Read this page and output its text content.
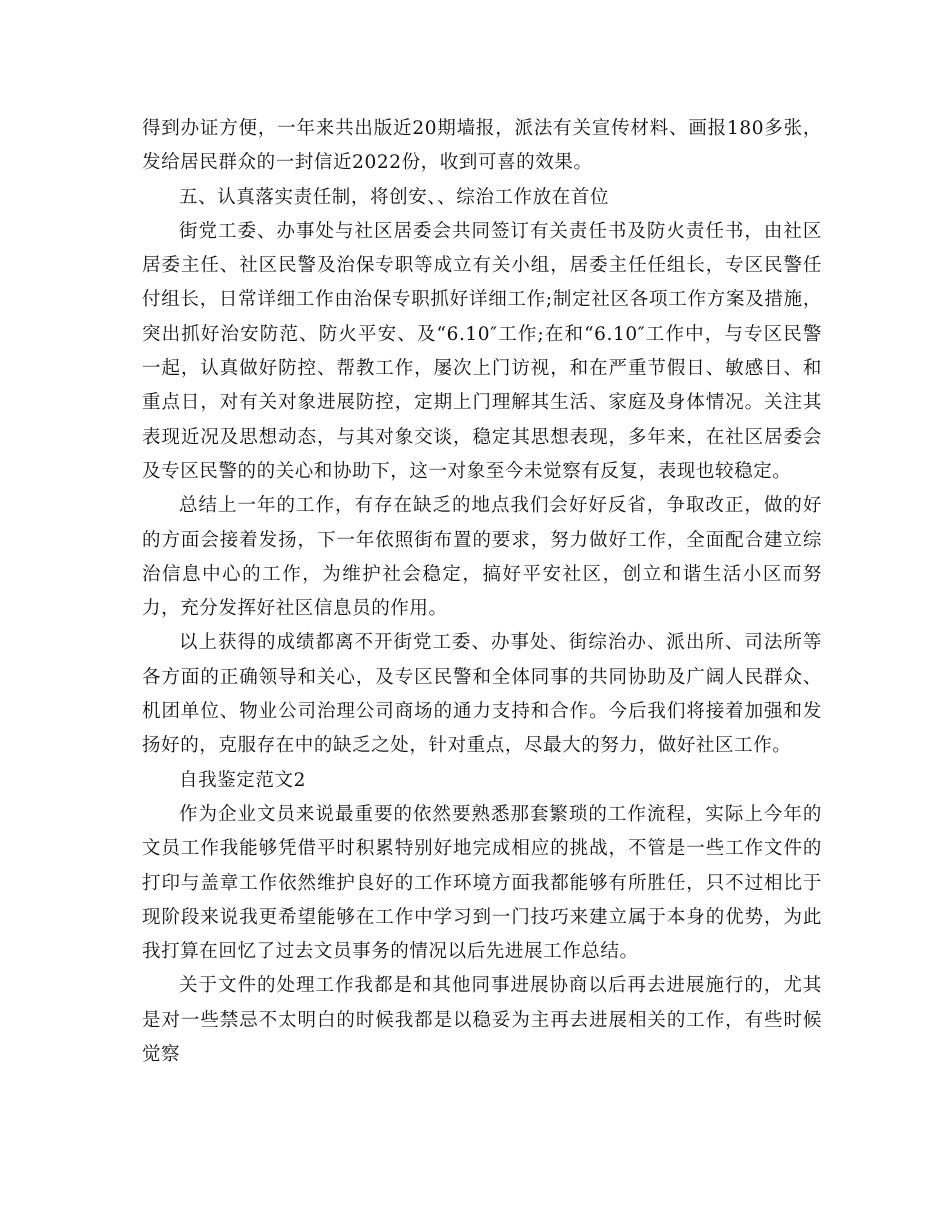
得到办证方便，一年来共出版近20期墙报，派法有关宣传材料、画报180多张，发给居民群众的一封信近2022份，收到可喜的效果。

五、认真落实责任制，将创安、、综治工作放在首位

街党工委、办事处与社区居委会共同签订有关责任书及防火责任书，由社区居委主任、社区民警及治保专职等成立有关小组，居委主任任组长，专区民警任付组长，日常详细工作由治保专职抓好详细工作;制定社区各项工作方案及措施，突出抓好治安防范、防火平安、及“6.10″工作;在和“6.10″工作中，与专区民警一起，认真做好防控、帮教工作，屡次上门访视，和在严重节假日、敏感日、和重点日，对有关对象进展防控，定期上门理解其生活、家庭及身体情况。关注其表现近况及思想动态，与其对象交谈，稳定其思想表现，多年来，在社区居委会及专区民警的的关心和协助下，这一对象至今未觉察有反复，表现也较稳定。

总结上一年的工作，有存在缺乏的地点我们会好好反省，争取改正，做的好的方面会接着发扬，下一年依照街布置的要求，努力做好工作，全面配合建立综治信息中心的工作，为维护社会稳定，搞好平安社区，创立和谐生活小区而努力，充分发挥好社区信息员的作用。

以上获得的成绩都离不开街党工委、办事处、街综治办、派出所、司法所等各方面的正确领导和关心，及专区民警和全体同事的共同协助及广阔人民群众、机团单位、物业公司治理公司商场的通力支持和合作。今后我们将接着加强和发扬好的，克服存在中的缺乏之处，针对重点，尽最大的努力，做好社区工作。

自我鉴定范文2

作为企业文员来说最重要的依然要熟悉那套繁琐的工作流程，实际上今年的文员工作我能够凭借平时积累特别好地完成相应的挑战，不管是一些工作文件的打印与盖章工作依然维护良好的工作环境方面我都能够有所胜任，只不过相比于现阶段来说我更希望能够在工作中学习到一门技巧来建立属于本身的优势，为此我打算在回忆了过去文员事务的情况以后先进展工作总结。

关于文件的处理工作我都是和其他同事进展协商以后再去进展施行的，尤其是对一些禁忌不太明白的时候我都是以稳妥为主再去进展相关的工作，有些时候觉察
